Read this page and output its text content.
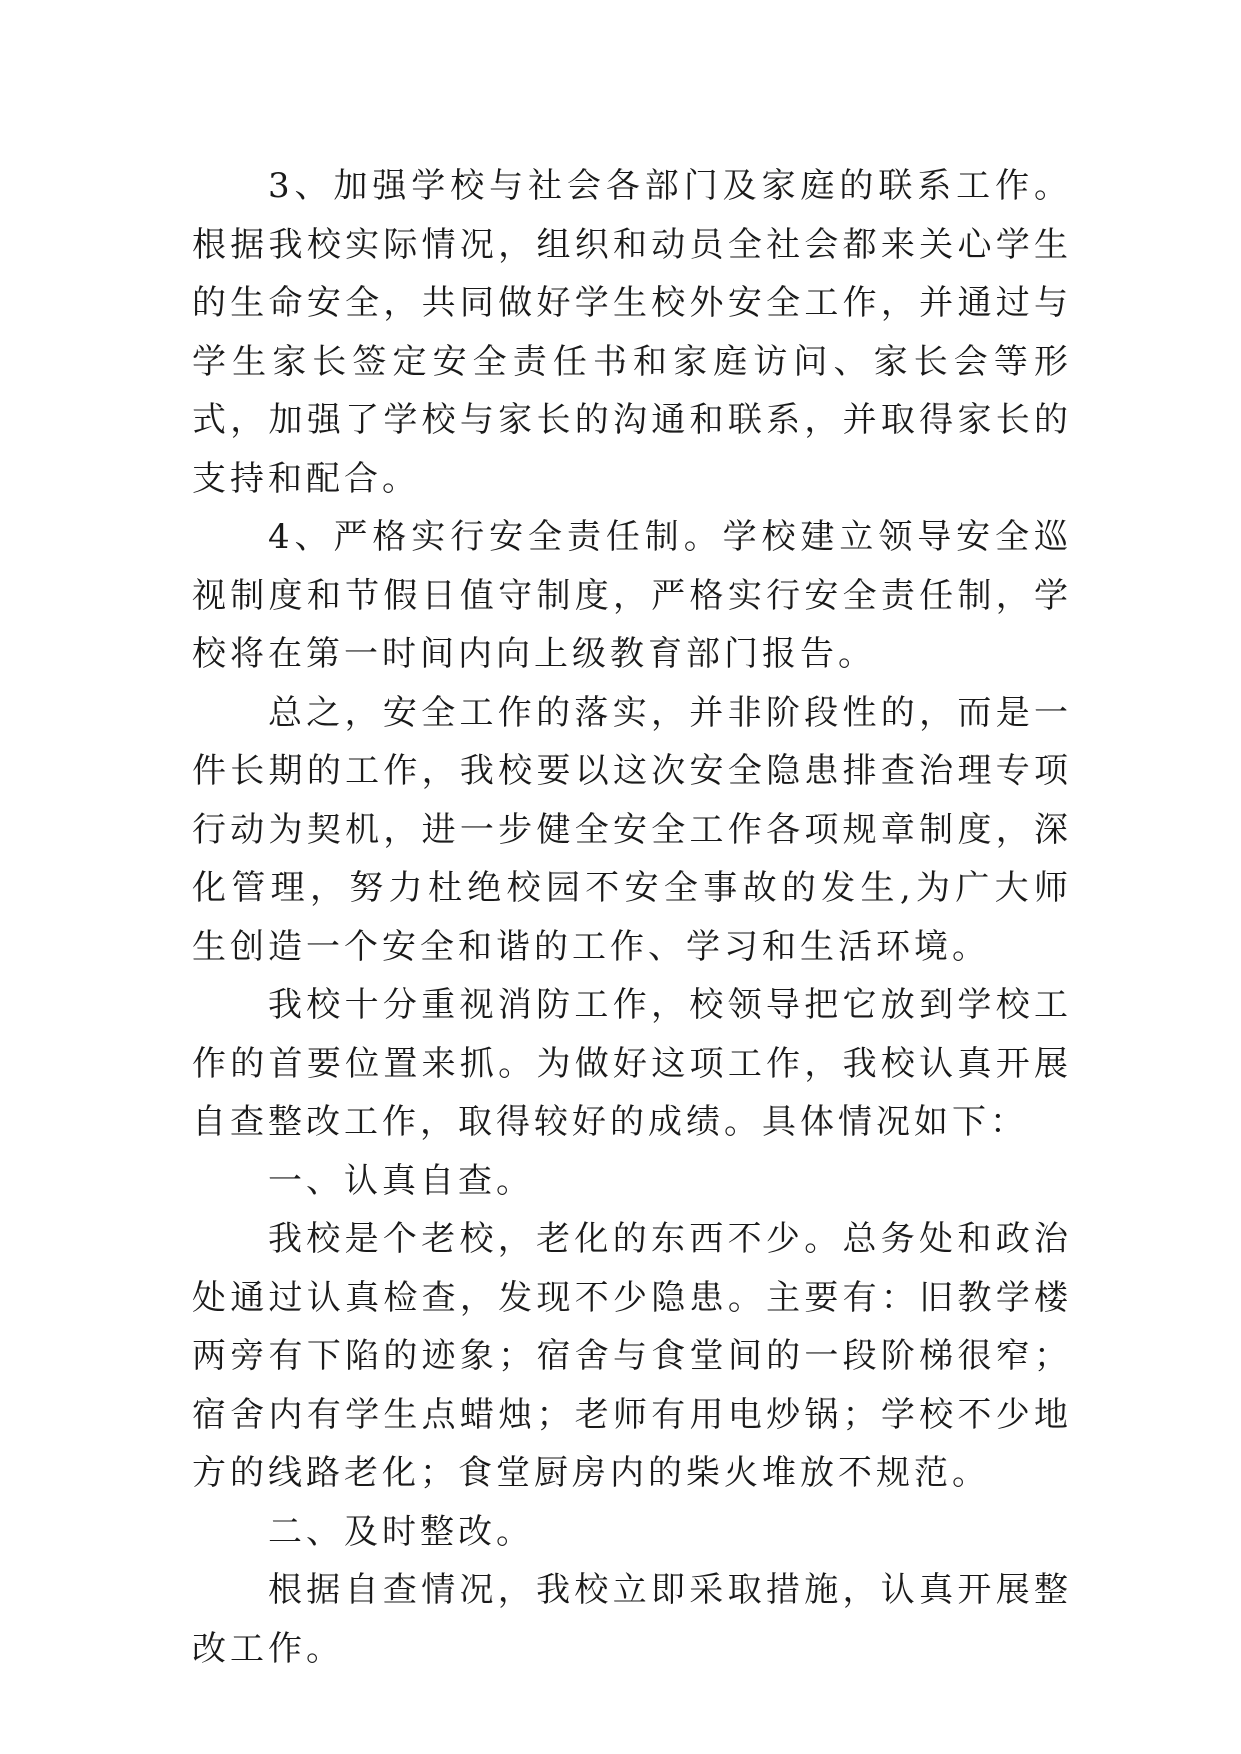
3、加强学校与社会各部门及家庭的联系工作。根据我校实际情况，组织和动员全社会都来关心学生的生命安全，共同做好学生校外安全工作，并通过与学生家长签定安全责任书和家庭访问、家长会等形式，加强了学校与家长的沟通和联系，并取得家长的支持和配合。

4、严格实行安全责任制。学校建立领导安全巡视制度和节假日值守制度，严格实行安全责任制，学校将在第一时间内向上级教育部门报告。

总之，安全工作的落实，并非阶段性的，而是一件长期的工作，我校要以这次安全隐患排查治理专项行动为契机，进一步健全安全工作各项规章制度，深化管理，努力杜绝校园不安全事故的发生,为广大师生创造一个安全和谐的工作、学习和生活环境。

我校十分重视消防工作，校领导把它放到学校工作的首要位置来抓。为做好这项工作，我校认真开展自查整改工作，取得较好的成绩。具体情况如下：

一、认真自查。

我校是个老校，老化的东西不少。总务处和政治处通过认真检查，发现不少隐患。主要有：旧教学楼两旁有下陷的迹象；宿舍与食堂间的一段阶梯很窄；宿舍内有学生点蜡烛；老师有用电炒锅；学校不少地方的线路老化；食堂厨房内的柴火堆放不规范。

二、及时整改。

根据自查情况，我校立即采取措施，认真开展整改工作。
